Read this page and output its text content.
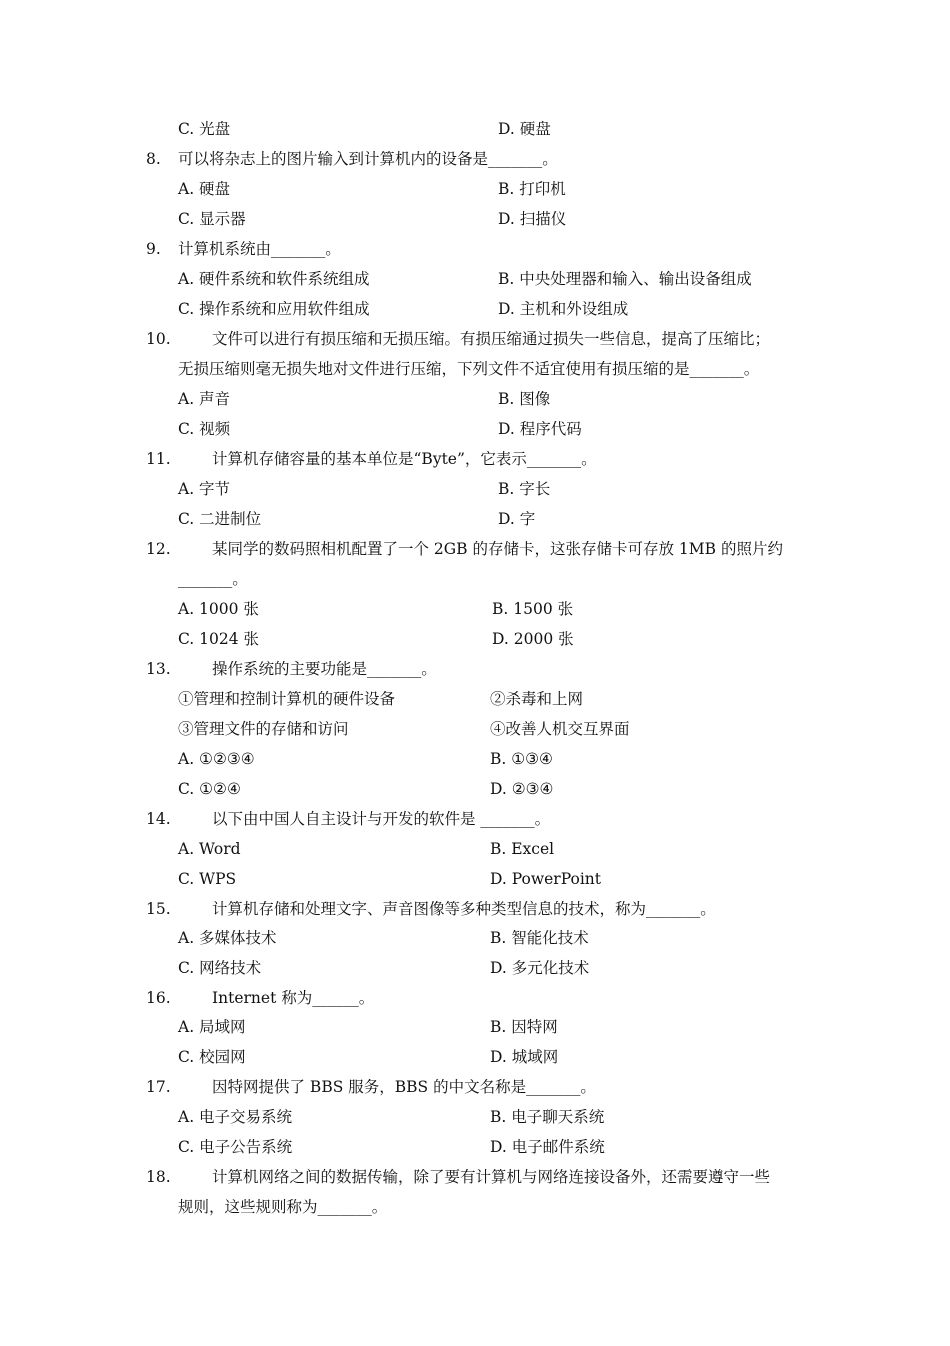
C. 光盘	D. 硬盘
8. 可以将杂志上的图片输入到计算机内的设备是_______。
A. 硬盘	B. 打印机
C. 显示器	D. 扫描仪
9. 计算机系统由_______。
A. 硬件系统和软件系统组成	B. 中央处理器和输入、输出设备组成
C. 操作系统和应用软件组成	D. 主机和外设组成
10.	文件可以进行有损压缩和无损压缩。有损压缩通过损失一些信息，提高了压缩比；
无损压缩则毫无损失地对文件进行压缩，下列文件不适宜使用有损压缩的是_______。
A. 声音	B. 图像
C. 视频	D. 程序代码
11.	计算机存储容量的基本单位是“Byte”，它表示_______。
A. 字节	B. 字长
C. 二进制位	D. 字
12.	某同学的数码照相机配置了一个 2GB 的存储卡，这张存储卡可存放 1MB 的照片约
_______。
A. 1000 张	B. 1500 张
C. 1024 张	D. 2000 张
13.	操作系统的主要功能是_______。
①管理和控制计算机的硬件设备	②杀毒和上网
③管理文件的存储和访问	④改善人机交互界面
A. ①②③④	B. ①③④
C. ①②④	D. ②③④
14.	以下由中国人自主设计与开发的软件是 _______。
A. Word	B. Excel
C. WPS	D. PowerPoint
15.	计算机存储和处理文字、声音图像等多种类型信息的技术，称为_______。
A. 多媒体技术	B. 智能化技术
C. 网络技术	D. 多元化技术
16.	Internet 称为______。
A. 局域网	B. 因特网
C. 校园网	D. 城域网
17.	因特网提供了 BBS 服务，BBS 的中文名称是_______。
A. 电子交易系统	B. 电子聊天系统
C. 电子公告系统	D. 电子邮件系统
18.	计算机网络之间的数据传输，除了要有计算机与网络连接设备外，还需要遵守一些
规则，这些规则称为_______。
